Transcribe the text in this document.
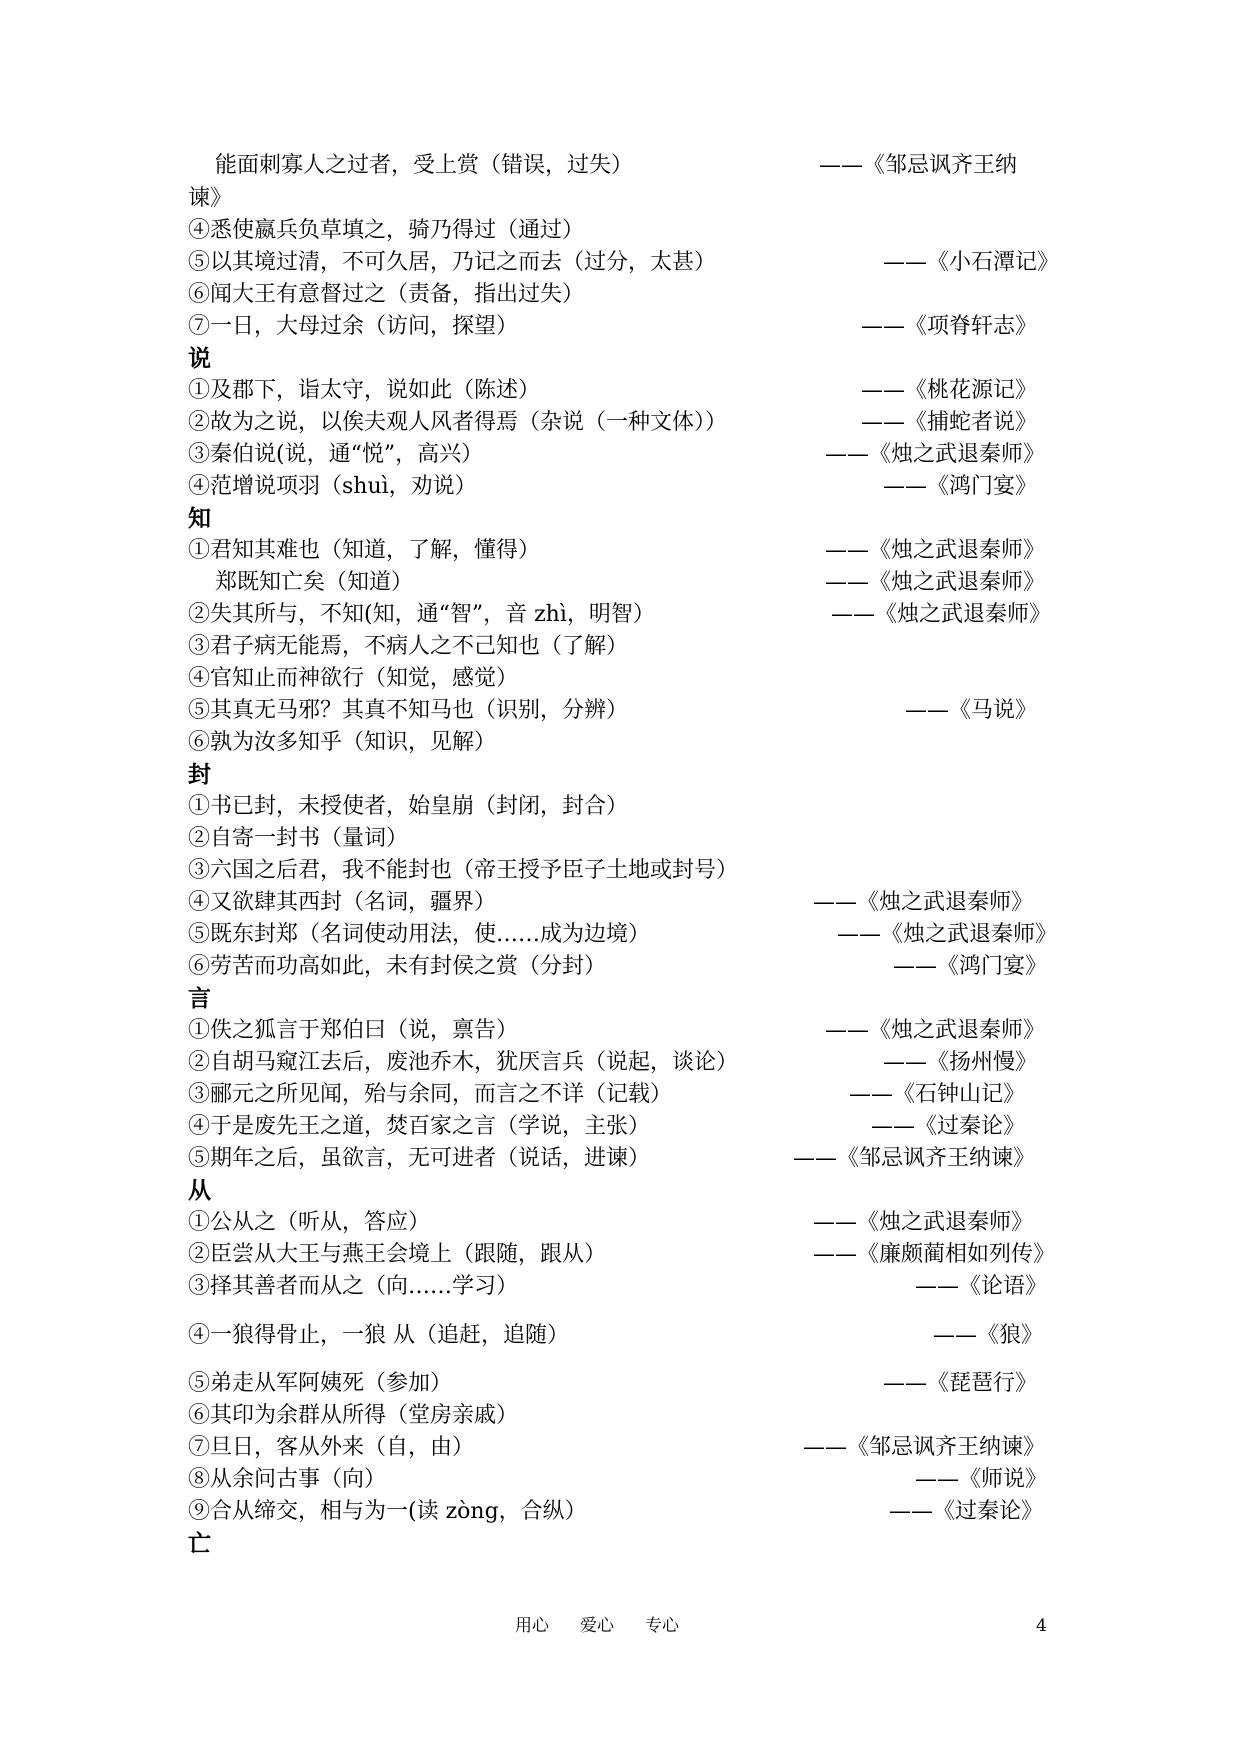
能面刺寡人之过者，受上赏（错误，过失）	——《邹忌讽齐王纳
谏》
④悉使嬴兵负草填之，骑乃得过（通过）
⑤以其境过清，不可久居，乃记之而去（过分，太甚）	——《小石潭记》
⑥闻大王有意督过之（责备，指出过失）
⑦一日，大母过余（访问，探望）	——《项脊轩志》
说
①及郡下，诣太守，说如此（陈述）	——《桃花源记》
②故为之说，以俟夫观人风者得焉（杂说（一种文体））	——《捕蛇者说》
③秦伯说(说，通“悦”，高兴）	——《烛之武退秦师》
④范增说项羽（shuì，劝说）	——《鸿门宴》
知
①君知其难也（知道，了解，懂得）	——《烛之武退秦师》
郑既知亡矣（知道）	——《烛之武退秦师》
②失其所与，不知(知，通“智”，音 zhì，明智）	——《烛之武退秦师》
③君子病无能焉，不病人之不己知也（了解）
④官知止而神欲行（知觉，感觉）
⑤其真无马邪？其真不知马也（识别，分辨）	——《马说》
⑥孰为汝多知乎（知识，见解）
封
①书已封，未授使者，始皇崩（封闭，封合）
②自寄一封书（量词）
③六国之后君，我不能封也（帝王授予臣子土地或封号）
④又欲肆其西封（名词，疆界）	——《烛之武退秦师》
⑤既东封郑（名词使动用法，使……成为边境）	——《烛之武退秦师》
⑥劳苦而功高如此，未有封侯之赏（分封）	——《鸿门宴》
言
①佚之狐言于郑伯曰（说，禀告）	——《烛之武退秦师》
②自胡马窥江去后，废池乔木，犹厌言兵（说起，谈论）	——《扬州慢》
③郦元之所见闻，殆与余同，而言之不详（记载）	——《石钟山记》
④于是废先王之道，焚百家之言（学说，主张）	——《过秦论》
⑤期年之后，虽欲言，无可进者（说话，进谏）	——《邹忌讽齐王纳谏》
从
①公从之（听从，答应）	——《烛之武退秦师》
②臣尝从大王与燕王会境上（跟随，跟从）	——《廉颇蔺相如列传》
③择其善者而从之（向……学习）	——《论语》
④一狼得骨止，一狼 从（追赶，追随）	——《狼》
⑤弟走从军阿姨死（参加）	——《琵琶行》
⑥其印为余群从所得（堂房亲戚）
⑦旦日，客从外来（自，由）	——《邹忌讽齐王纳谏》
⑧从余问古事（向）	——《师说》
⑨合从缔交，相与为一(读 zòng，合纵）	——《过秦论》
亡
用心 爱心 专心	4
